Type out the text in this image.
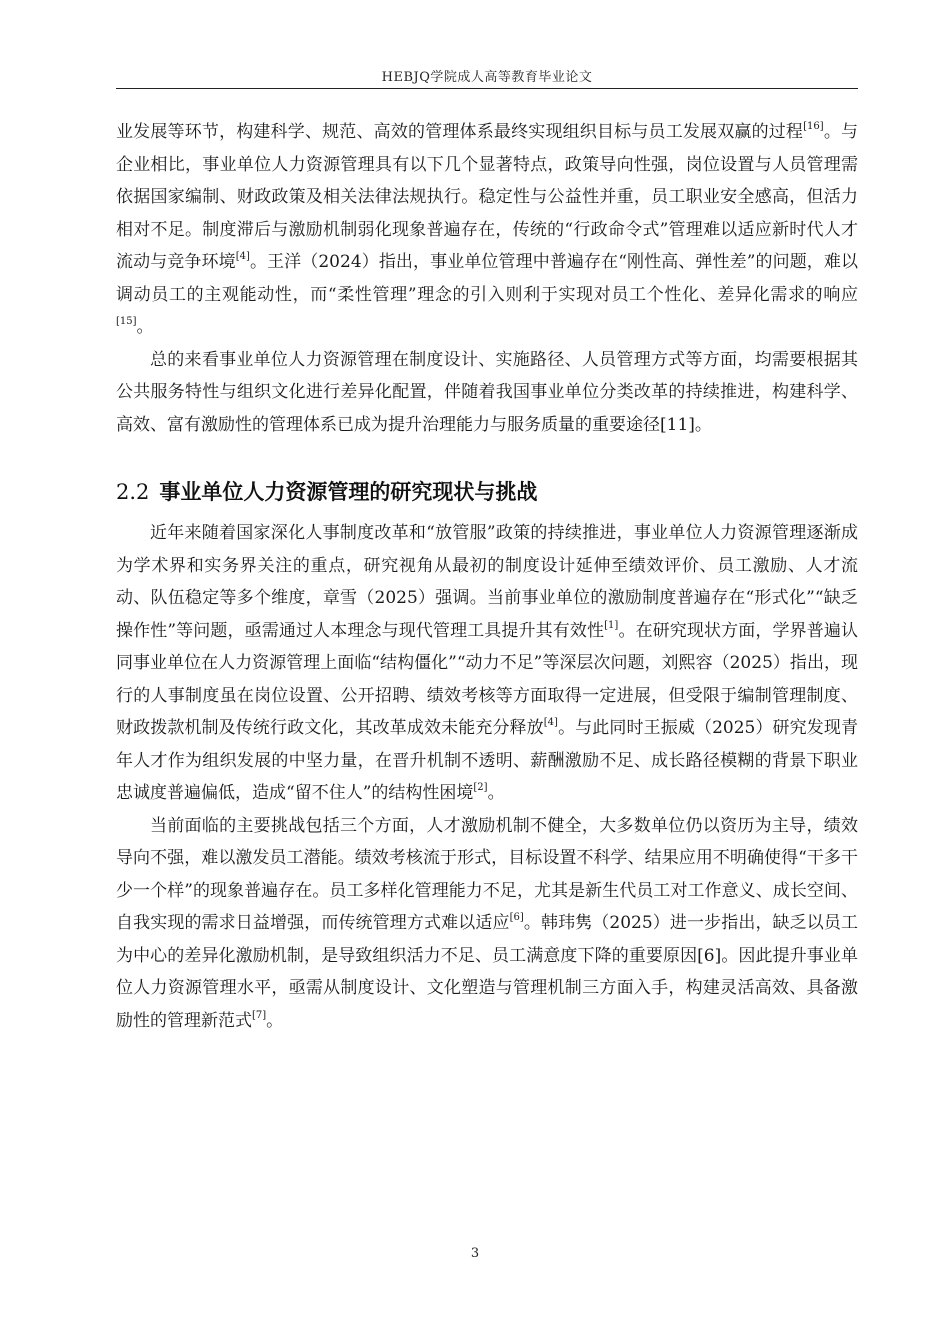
HEBJQ学院成人高等教育毕业论文

业发展等环节，构建科学、规范、高效的管理体系最终实现组织目标与员工发展双赢的过程[16]。与企业相比，事业单位人力资源管理具有以下几个显著特点，政策导向性强，岗位设置与人员管理需依据国家编制、财政政策及相关法律法规执行。稳定性与公益性并重，员工职业安全感高，但活力相对不足。制度滞后与激励机制弱化现象普遍存在，传统的“行政命令式”管理难以适应新时代人才流动与竞争环境[4]。王洋（2024）指出，事业单位管理中普遍存在“刚性高、弹性差”的问题，难以调动员工的主观能动性，而“柔性管理”理念的引入则利于实现对员工个性化、差异化需求的响应[15]。

总的来看事业单位人力资源管理在制度设计、实施路径、人员管理方式等方面，均需要根据其公共服务特性与组织文化进行差异化配置，伴随着我国事业单位分类改革的持续推进，构建科学、高效、富有激励性的管理体系已成为提升治理能力与服务质量的重要途径[11]。

2.2 事业单位人力资源管理的研究现状与挑战

近年来随着国家深化人事制度改革和“放管服”政策的持续推进，事业单位人力资源管理逐渐成为学术界和实务界关注的重点，研究视角从最初的制度设计延伸至绩效评价、员工激励、人才流动、队伍稳定等多个维度，章雪（2025）强调。当前事业单位的激励制度普遍存在“形式化”“缺乏操作性”等问题，亟需通过人本理念与现代管理工具提升其有效性[1]。在研究现状方面，学界普遍认同事业单位在人力资源管理上面临“结构僵化”“动力不足”等深层次问题，刘熙容（2025）指出，现行的人事制度虽在岗位设置、公开招聘、绩效考核等方面取得一定进展，但受限于编制管理制度、财政拨款机制及传统行政文化，其改革成效未能充分释放[4]。与此同时王振威（2025）研究发现青年人才作为组织发展的中坚力量，在晋升机制不透明、薪酬激励不足、成长路径模糊的背景下职业忠诚度普遍偏低，造成“留不住人”的结构性困境[2]。

当前面临的主要挑战包括三个方面，人才激励机制不健全，大多数单位仍以资历为主导，绩效导向不强，难以激发员工潜能。绩效考核流于形式，目标设置不科学、结果应用不明确使得“干多干少一个样”的现象普遍存在。员工多样化管理能力不足，尤其是新生代员工对工作意义、成长空间、自我实现的需求日益增强，而传统管理方式难以适应[6]。韩玮隽（2025）进一步指出，缺乏以员工为中心的差异化激励机制，是导致组织活力不足、员工满意度下降的重要原因[6]。因此提升事业单位人力资源管理水平，亟需从制度设计、文化塑造与管理机制三方面入手，构建灵活高效、具备激励性的管理新范式[7]。

3
